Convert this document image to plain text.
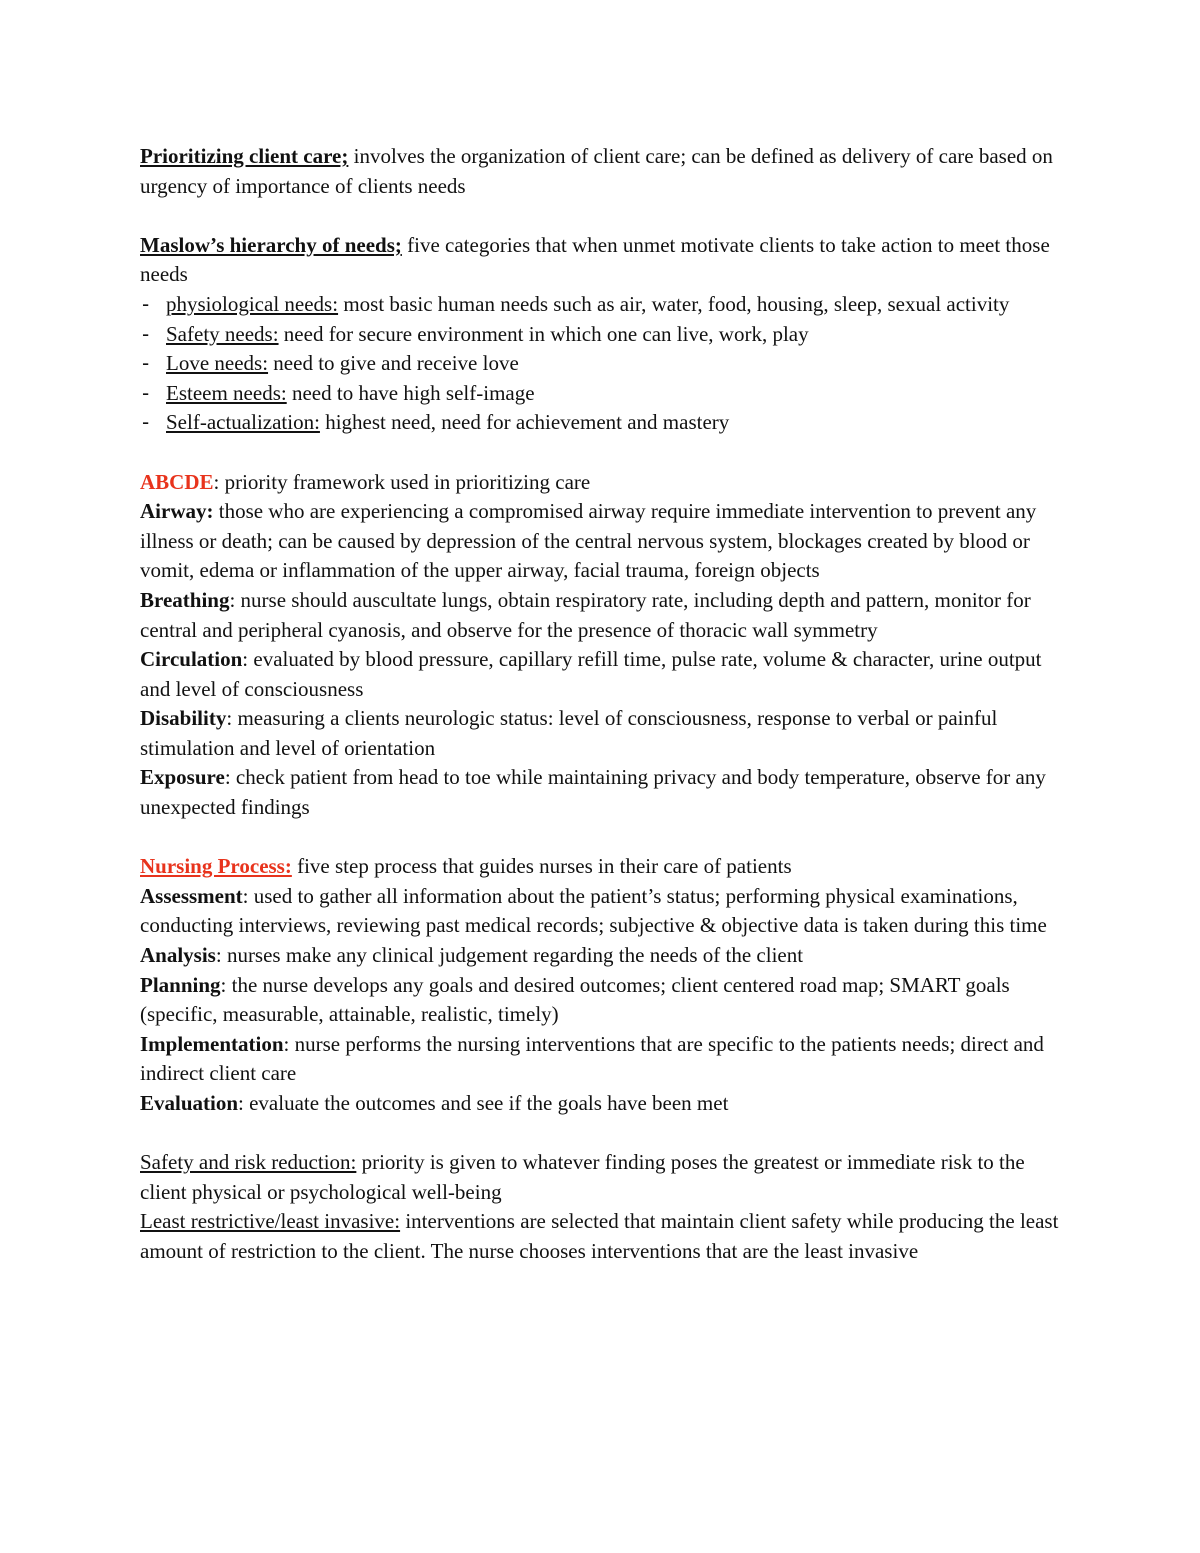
Prioritizing client care; involves the organization of client care; can be defined as delivery of care based on urgency of importance of clients needs

Maslow’s hierarchy of needs; five categories that when unmet motivate clients to take action to meet those needs

- physiological needs: most basic human needs such as air, water, food, housing, sleep, sexual activity
- Safety needs: need for secure environment in which one can live, work, play
- Love needs: need to give and receive love
- Esteem needs: need to have high self-image
- Self-actualization: highest need, need for achievement and mastery

ABCDE: priority framework used in prioritizing care

Airway: those who are experiencing a compromised airway require immediate intervention to prevent any illness or death; can be caused by depression of the central nervous system, blockages created by blood or vomit, edema or inflammation of the upper airway, facial trauma, foreign objects

Breathing: nurse should auscultate lungs, obtain respiratory rate, including depth and pattern, monitor for central and peripheral cyanosis, and observe for the presence of thoracic wall symmetry

Circulation: evaluated by blood pressure, capillary refill time, pulse rate, volume & character, urine output and level of consciousness

Disability: measuring a clients neurologic status: level of consciousness, response to verbal or painful stimulation and level of orientation

Exposure: check patient from head to toe while maintaining privacy and body temperature, observe for any unexpected findings

Nursing Process: five step process that guides nurses in their care of patients

Assessment: used to gather all information about the patient’s status; performing physical examinations, conducting interviews, reviewing past medical records; subjective & objective data is taken during this time

Analysis: nurses make any clinical judgement regarding the needs of the client

Planning: the nurse develops any goals and desired outcomes; client centered road map; SMART goals (specific, measurable, attainable, realistic, timely)

Implementation: nurse performs the nursing interventions that are specific to the patients needs; direct and indirect client care

Evaluation: evaluate the outcomes and see if the goals have been met

Safety and risk reduction: priority is given to whatever finding poses the greatest or immediate risk to the client physical or psychological well-being

Least restrictive/least invasive: interventions are selected that maintain client safety while producing the least amount of restriction to the client. The nurse chooses interventions that are the least invasive
